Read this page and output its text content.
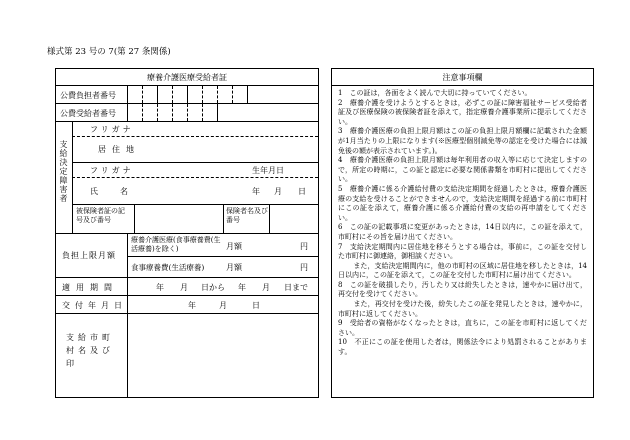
様式第 23 号の 7(第 27 条関係)
療養介護医療受給者証
公費負担者番号
公費受給者番号
支給決定障害者
フリガナ
居住地
フリガナ	生年月日
氏名	年 月 日
被保険者証の記号及び番号
保険者名及び番号
負担上限月額
療養介護医療(食事療養費(生活療養)を除く)	月額	円
食事療養費(生活療養)	月額	円
適用期間	年 月 日から 年 月 日まで
交付年月日	年	月	日
支給市町村名及び印
注意事項欄

1　この証は，各面をよく読んで大切に持っていてください。

2　療養介護を受けようとするときは，必ずこの証に障害福祉サービス受給者証及び医療保険の被保険者証を添えて，指定療養介護事業所に提示してください。

3　療養介護医療の負担上限月額はこの証の負担上限月額欄に記載された金額が1月当たりの上限になります(※医療型個別減免等の認定を受けた場合には減免後の額が表示されています。)。

4　療養介護医療の負担上限月額は毎年利用者の収入等に応じて決定しますので，所定の時期に，この証と認定に必要な関係書類を市町村に提出してください。

5　療養介護に係る介護給付費の支給決定期間を経過したときは，療養介護医療の支給を受けることができませんので，支給決定期間を経過する前に市町村にこの証を添えて，療養介護に係る介護給付費の支給の再申請をしてください。

6　この証の記載事項に変更があったときは，14日以内に，この証を添えて，市町村にその旨を届け出てください。

7　支給決定期間内に居住地を移そうとする場合は，事前に，この証を交付した市町村に御連絡，御相談ください。

　また，支給決定期間内に，他の市町村の区域に居住地を移したときは，14日以内に，この証を添えて，この証を交付した市町村に届け出てください。

8　この証を破損したり，汚したり又は紛失したときは，速やかに届け出て，再交付を受けてください。

　また，再交付を受けた後，紛失したこの証を発見したときは，速やかに，市町村に返してください。

9　受給者の資格がなくなったときは，直ちに，この証を市町村に返してください。

10　不正にこの証を使用した者は，関係法令により処罰されることがあります。
